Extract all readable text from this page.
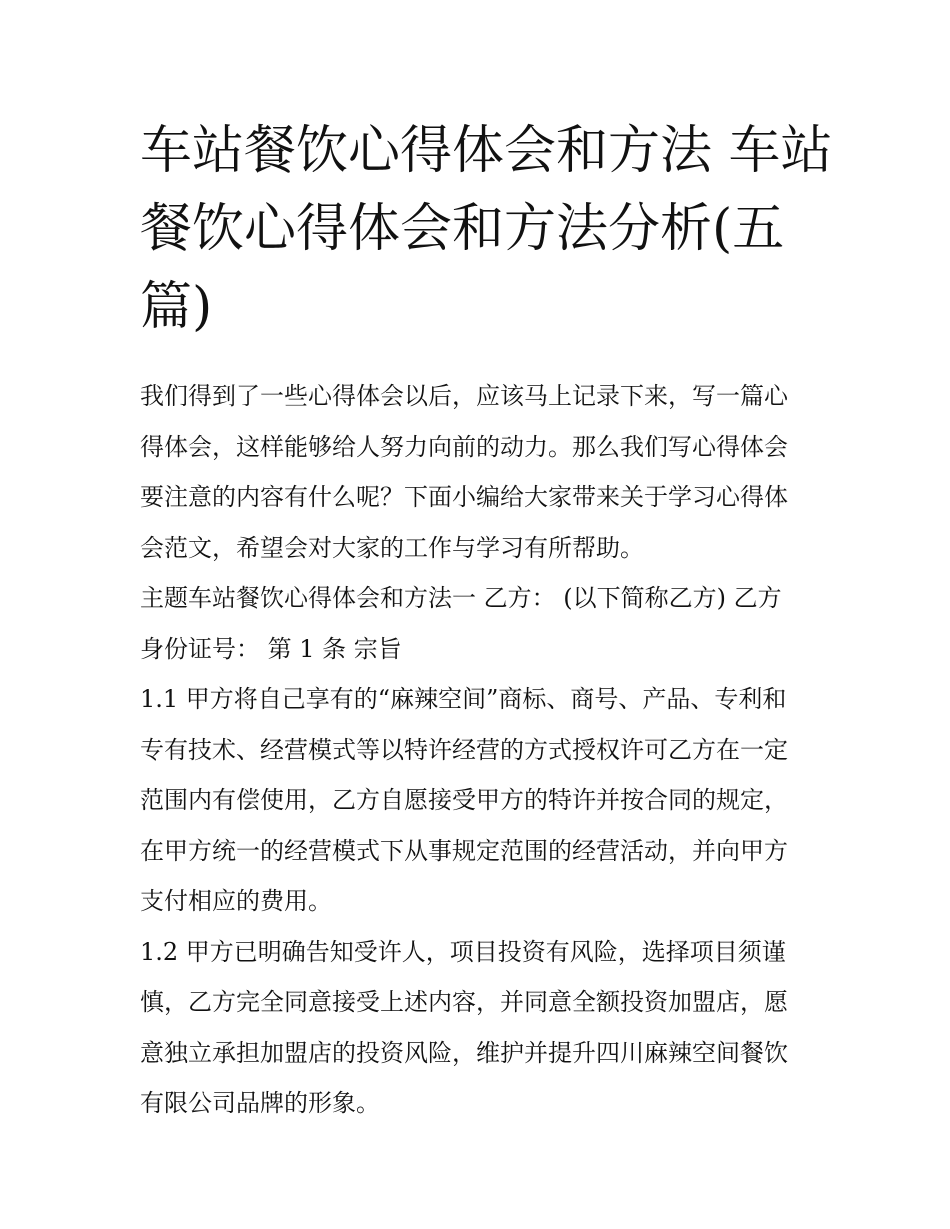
车站餐饮心得体会和方法 车站
餐饮心得体会和方法分析(五
篇)

我们得到了一些心得体会以后，应该马上记录下来，写一篇心
得体会，这样能够给人努力向前的动力。那么我们写心得体会
要注意的内容有什么呢？下面小编给大家带来关于学习心得体
会范文，希望会对大家的工作与学习有所帮助。

主题车站餐饮心得体会和方法一 乙方： (以下简称乙方) 乙方
身份证号： 第 1 条 宗旨

1.1 甲方将自己享有的“麻辣空间”商标、商号、产品、专利和
专有技术、经营模式等以特许经营的方式授权许可乙方在一定
范围内有偿使用，乙方自愿接受甲方的特许并按合同的规定，
在甲方统一的经营模式下从事规定范围的经营活动，并向甲方
支付相应的费用。

1.2 甲方已明确告知受许人，项目投资有风险，选择项目须谨
慎，乙方完全同意接受上述内容，并同意全额投资加盟店，愿
意独立承担加盟店的投资风险，维护并提升四川麻辣空间餐饮
有限公司品牌的形象。
